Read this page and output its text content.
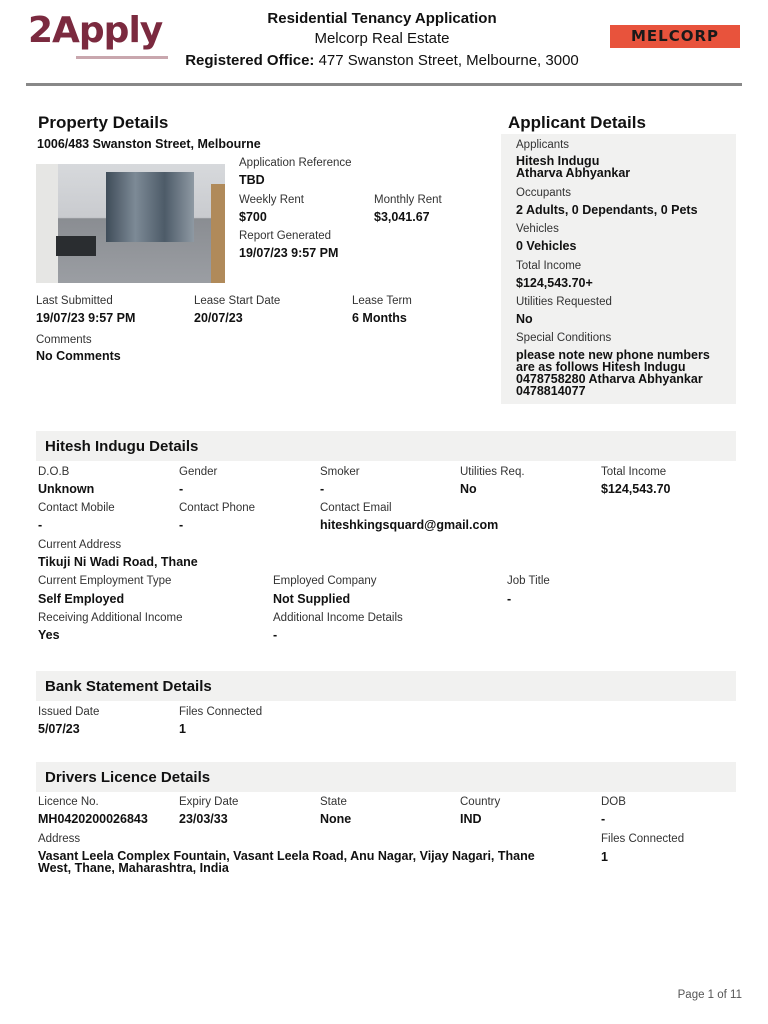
2Apply	Residential Tenancy Application
Melcorp Real Estate
Registered Office: 477 Swanston Street, Melbourne, 3000
MELCORP
Property Details
1006/483 Swanston Street, Melbourne
Application Reference
TBD
Weekly Rent
$700
Monthly Rent
$3,041.67
Report Generated
19/07/23 9:57 PM
Last Submitted
19/07/23 9:57 PM
Lease Start Date
20/07/23
Lease Term
6 Months
Comments
No Comments
Applicant Details
Applicants
Hitesh Indugu
Atharva Abhyankar
Occupants
2 Adults, 0 Dependants, 0 Pets
Vehicles
0 Vehicles
Total Income
$124,543.70+
Utilities Requested
No
Special Conditions
please note new phone numbers
are as follows Hitesh Indugu
0478758280 Atharva Abhyankar
0478814077
Hitesh Indugu Details
D.O.B
Unknown
Gender
-
Smoker
-
Utilities Req.
No
Total Income
$124,543.70
Contact Mobile
-
Contact Phone
-
Contact Email
hiteshkingsquard@gmail.com
Current Address
Tikuji Ni Wadi Road, Thane
Current Employment Type
Self Employed
Employed Company
Not Supplied
Job Title
-
Receiving Additional Income
Yes
Additional Income Details
-
Bank Statement Details
Issued Date
5/07/23
Files Connected
1
Drivers Licence Details
Licence No.
MH0420200026843
Expiry Date
23/03/33
State
None
Country
IND
DOB
-
Address
Vasant Leela Complex Fountain, Vasant Leela Road, Anu Nagar, Vijay Nagari, Thane
West, Thane, Maharashtra, India
Files Connected
1
Page 1 of 11
